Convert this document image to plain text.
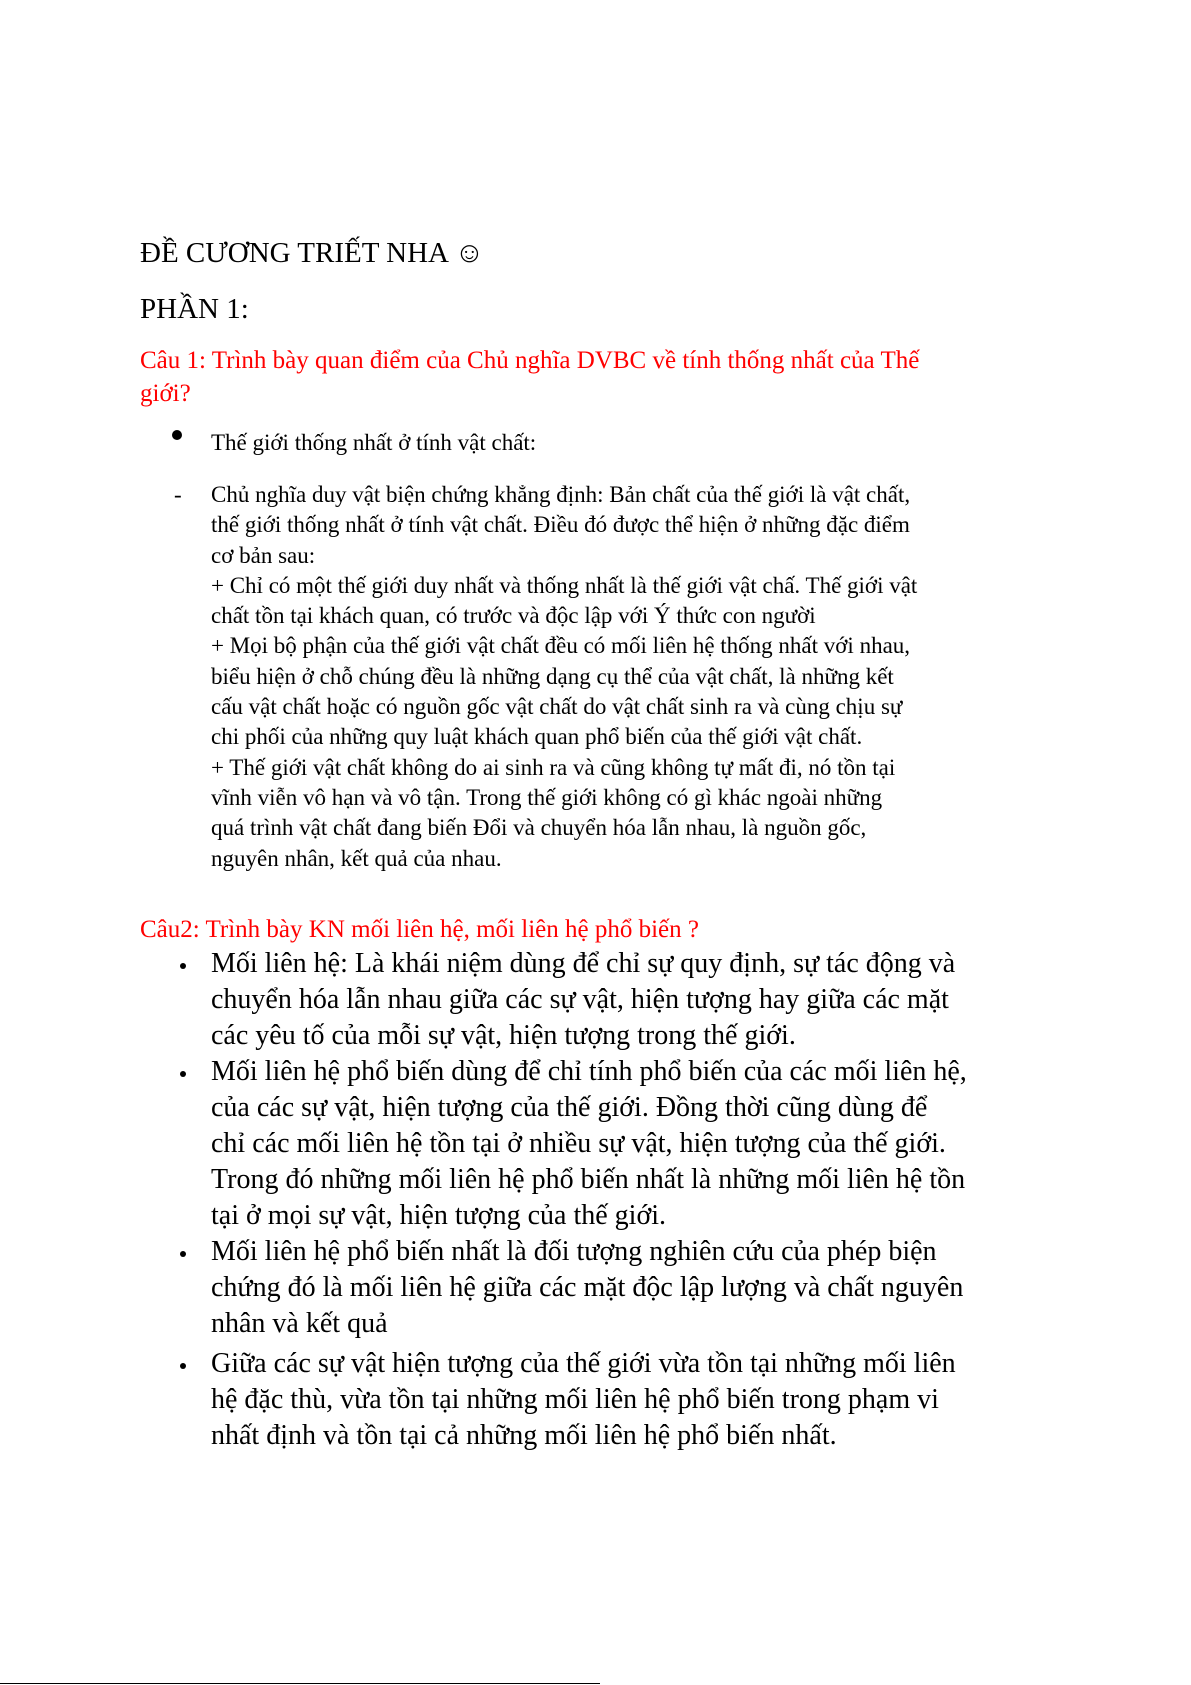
ĐỀ CƯƠNG TRIẾT NHA ☺
PHẦN 1:
Câu 1: Trình bày quan điểm của Chủ nghĩa DVBC về tính thống nhất của Thế
giới?
Thế giới thống nhất ở tính vật chất:
- Chủ nghĩa duy vật biện chứng khẳng định: Bản chất của thế giới là vật chất,
thế giới thống nhất ở tính vật chất. Điều đó được thể hiện ở những đặc điểm
cơ bản sau:
+ Chỉ có một thế giới duy nhất và thống nhất là thế giới vật chấ. Thế giới vật
chất tồn tại khách quan, có trước và độc lập với Ý thức con người
+ Mọi bộ phận của thế giới vật chất đều có mối liên hệ thống nhất với nhau,
biểu hiện ở chỗ chúng đều là những dạng cụ thể của vật chất, là những kết
cấu vật chất hoặc có nguồn gốc vật chất do vật chất sinh ra và cùng chịu sự
chi phối của những quy luật khách quan phổ biến của thế giới vật chất.
+ Thế giới vật chất không do ai sinh ra và cũng không tự mất đi, nó tồn tại
vĩnh viễn vô hạn và vô tận. Trong thế giới không có gì khác ngoài những
quá trình vật chất đang biến Đổi và chuyển hóa lẫn nhau, là nguồn gốc,
nguyên nhân, kết quả của nhau.
Câu2: Trình bày KN mối liên hệ, mối liên hệ phổ biến ?
Mối liên hệ: Là khái niệm dùng để chỉ sự quy định, sự tác động và
chuyển hóa lẫn nhau giữa các sự vật, hiện tượng hay giữa các mặt
các yêu tố của mỗi sự vật, hiện tượng trong thế giới.
Mối liên hệ phổ biến dùng để chỉ tính phổ biến của các mối liên hệ,
của các sự vật, hiện tượng của thế giới. Đồng thời cũng dùng để
chỉ các mối liên hệ tồn tại ở nhiều sự vật, hiện tượng của thế giới.
Trong đó những mối liên hệ phổ biến nhất là những mối liên hệ tồn
tại ở mọi sự vật, hiện tượng của thế giới.
Mối liên hệ phổ biến nhất là đối tượng nghiên cứu của phép biện
chứng đó là mối liên hệ giữa các mặt độc lập lượng và chất nguyên
nhân và kết quả
Giữa các sự vật hiện tượng của thế giới vừa tồn tại những mối liên
hệ đặc thù, vừa tồn tại những mối liên hệ phổ biến trong phạm vi
nhất định và tồn tại cả những mối liên hệ phổ biến nhất.
